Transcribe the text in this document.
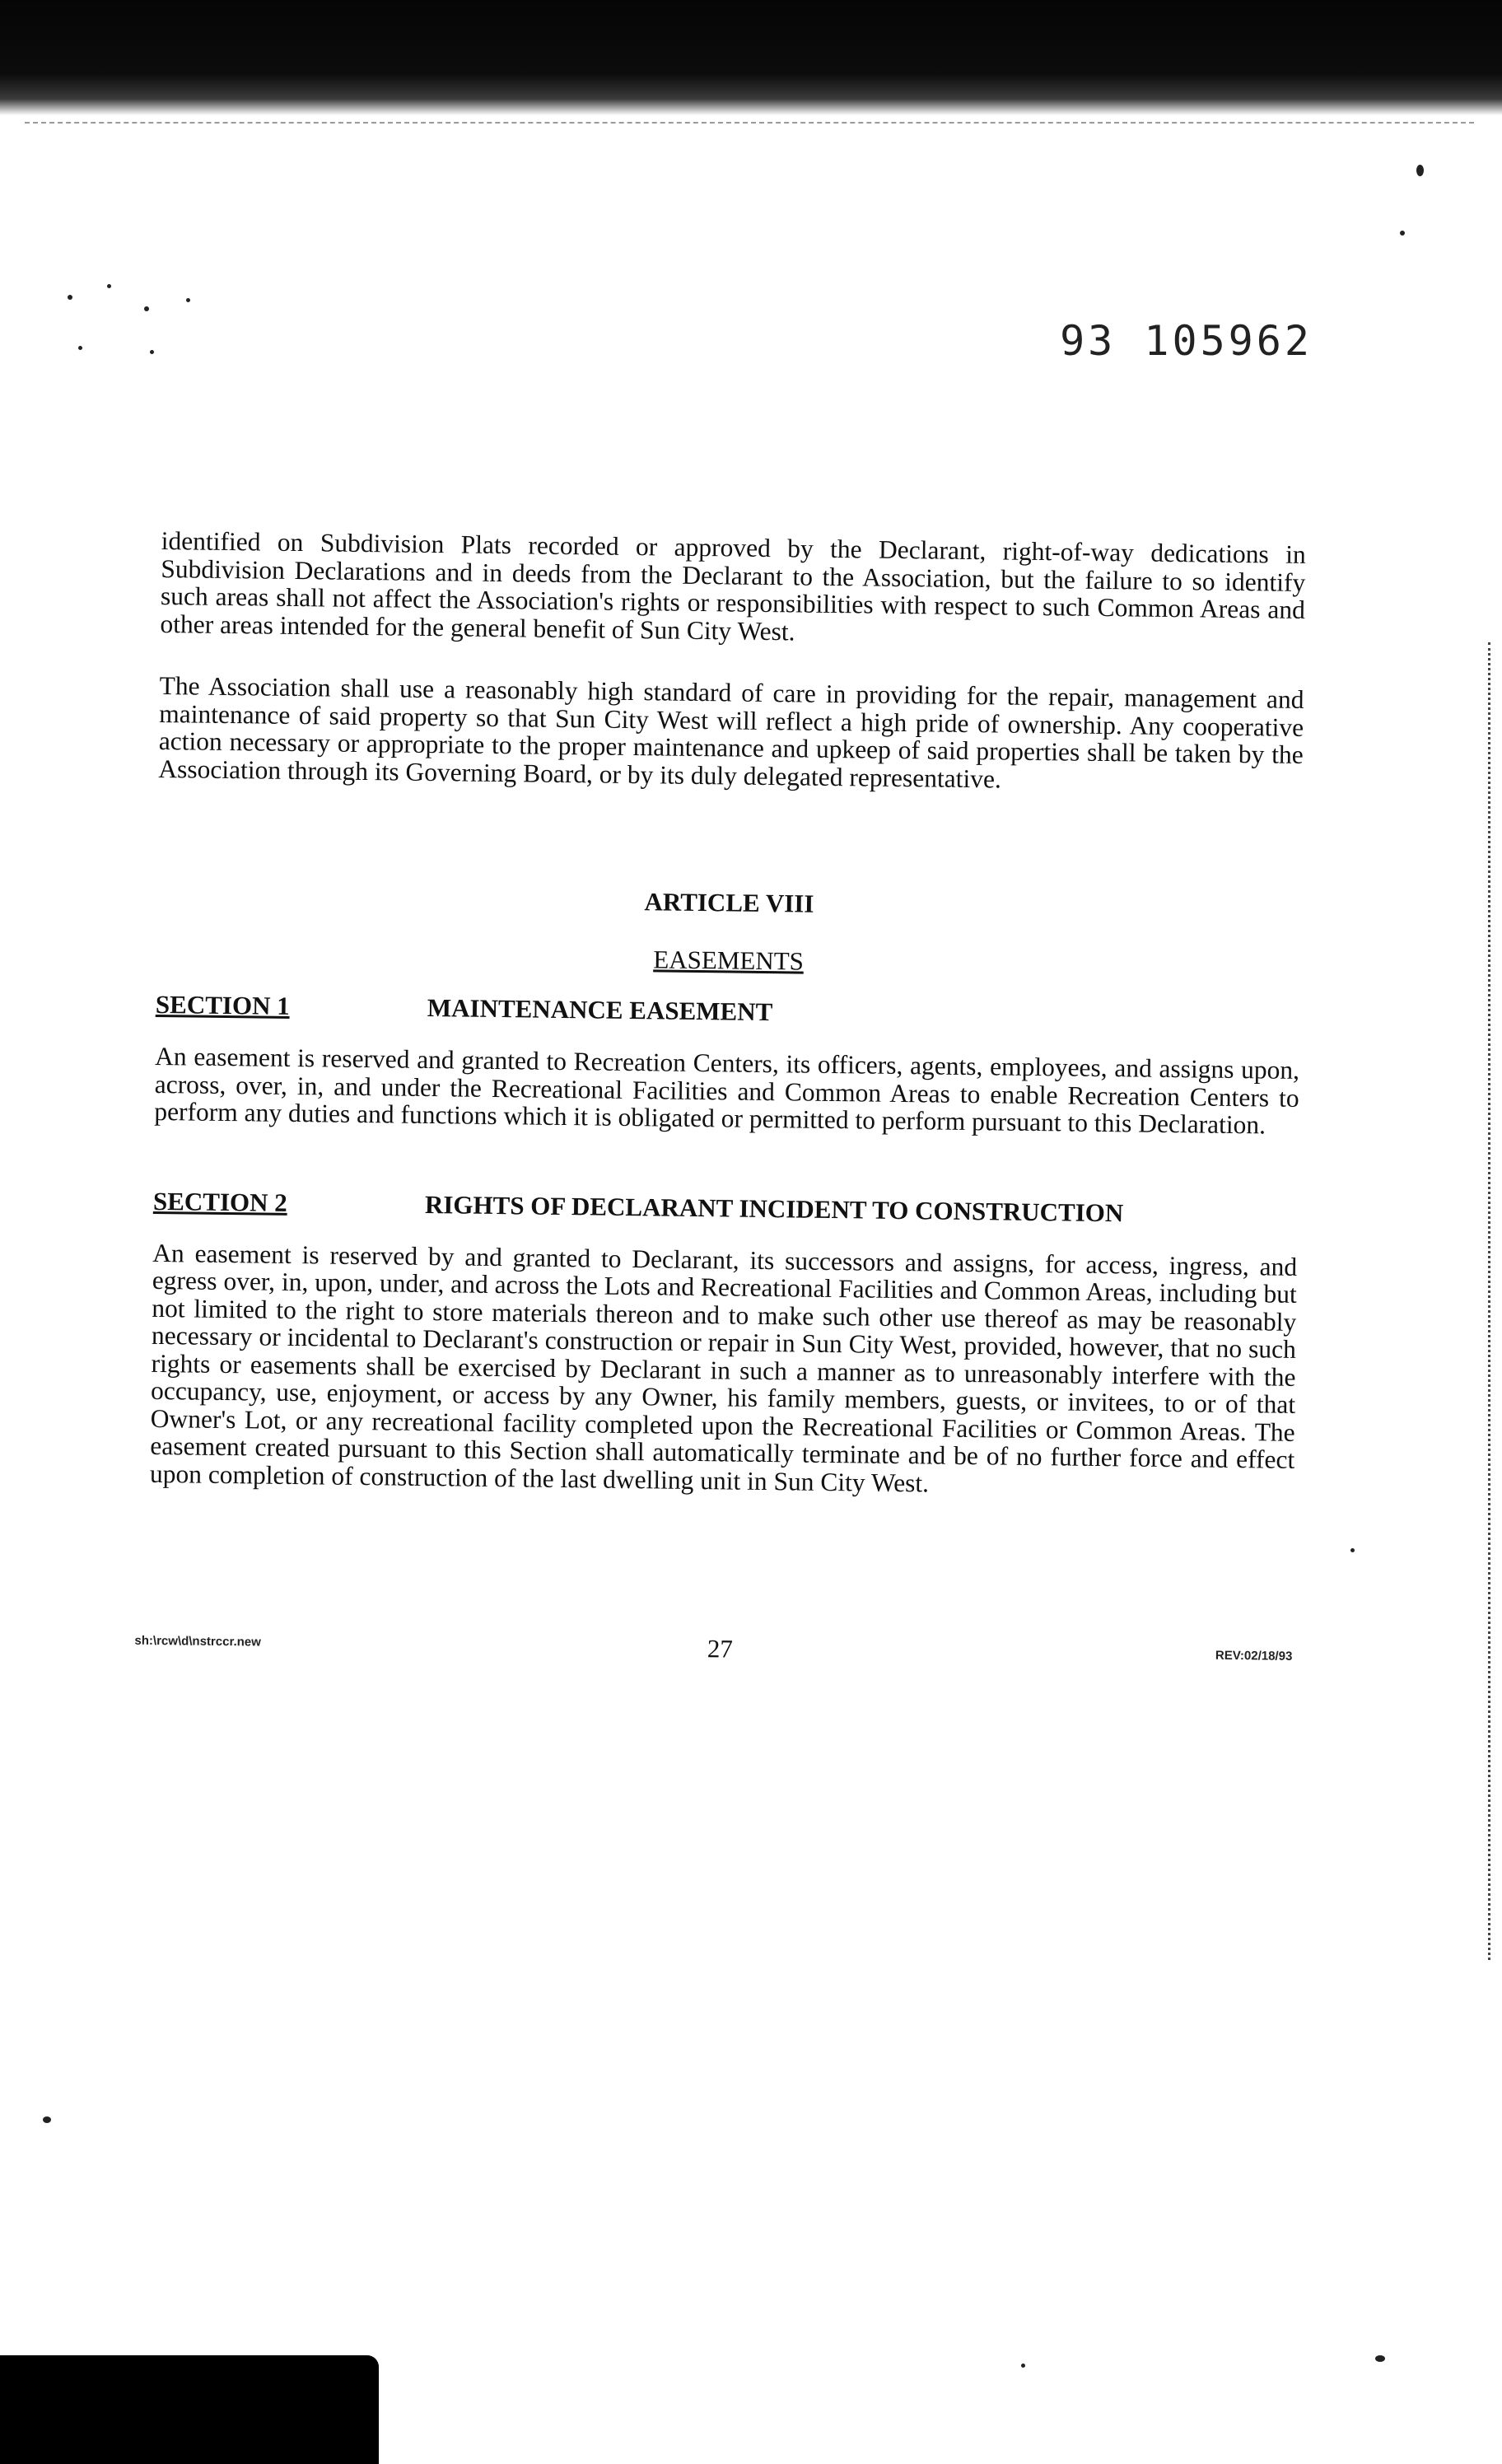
93 105962

identified on Subdivision Plats recorded or approved by the Declarant, right-of-way dedications in Subdivision Declarations and in deeds from the Declarant to the Association, but the failure to so identify such areas shall not affect the Association's rights or responsibilities with respect to such Common Areas and other areas intended for the general benefit of Sun City West.

The Association shall use a reasonably high standard of care in providing for the repair, management and maintenance of said property so that Sun City West will reflect a high pride of ownership. Any cooperative action necessary or appropriate to the proper maintenance and upkeep of said properties shall be taken by the Association through its Governing Board, or by its duly delegated representative.

ARTICLE VIII

EASEMENTS

SECTION 1	MAINTENANCE EASEMENT

An easement is reserved and granted to Recreation Centers, its officers, agents, employees, and assigns upon, across, over, in, and under the Recreational Facilities and Common Areas to enable Recreation Centers to perform any duties and functions which it is obligated or permitted to perform pursuant to this Declaration.

SECTION 2	RIGHTS OF DECLARANT INCIDENT TO CONSTRUCTION

An easement is reserved by and granted to Declarant, its successors and assigns, for access, ingress, and egress over, in, upon, under, and across the Lots and Recreational Facilities and Common Areas, including but not limited to the right to store materials thereon and to make such other use thereof as may be reasonably necessary or incidental to Declarant's construction or repair in Sun City West, provided, however, that no such rights or easements shall be exercised by Declarant in such a manner as to unreasonably interfere with the occupancy, use, enjoyment, or access by any Owner, his family members, guests, or invitees, to or of that Owner's Lot, or any recreational facility completed upon the Recreational Facilities or Common Areas. The easement created pursuant to this Section shall automatically terminate and be of no further force and effect upon completion of construction of the last dwelling unit in Sun City West.

sh:\rcw\d\nstrccr.new	27	REV:02/18/93
